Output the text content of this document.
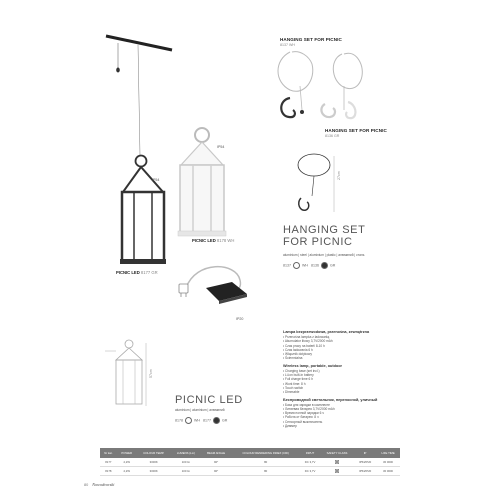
HANGING SET FOR PICNIC
8137 WH
HANGING SET FOR PICNIC
8136 GR
IP54
IP54
IP20
PICNIC LED 8177 GR
PICNIC LED 8178 WH
HANGING SET
FOR PICNIC
aluminium | steel | aluminium | plastic | алюминий | сталь
8137	WH 8136	GR
27cm
PICNIC LED
aluminium | aluminium | алюминий
8178	WH 8177	GR
57cm
Lampa bezprzewodowa, przenośna, zewnętrzna
• Przenośna lampka z ładowarką
• Akumulator litowy 3,7V/2000 mAh
• Czas pracy na baterii 8-10 h
• Czas ładowania 6 h
• Włącznik dotykowy
• Ściemnialna
Wireless lamp, portable, outdoor
• Charging base (set incl.)
• Li-ion built-in battery
• Full charge time 6 h
• Work time: 8 h
• Touch switch
• Dimmable
Беспроводной светильник, переносной, уличный
• База для зарядки в комплекте
• Литиевая батарея 3,7V/2000 mAh
• Время полной зарядки 6 ч
• Работа от батареи: 8 ч
• Сенсорный выключатель
• Диммер
Nr kat.	POWER	COLOUR TEMP.	LUMENS (Lm)	BEAM ANGLE	COLOUR RENDERING INDEX (CRI)	INPUT	SAFETY CLASS	IP	LIFE TIME
8177	2,2W	3000K	100 lm	90°	80	DC 3,7V		IP54/IP20	30 000h
8178	2,2W	3000K	100 lm	90°	80	DC 3,7V		IP54/IP20	30 000h
80 Nowodvorski
